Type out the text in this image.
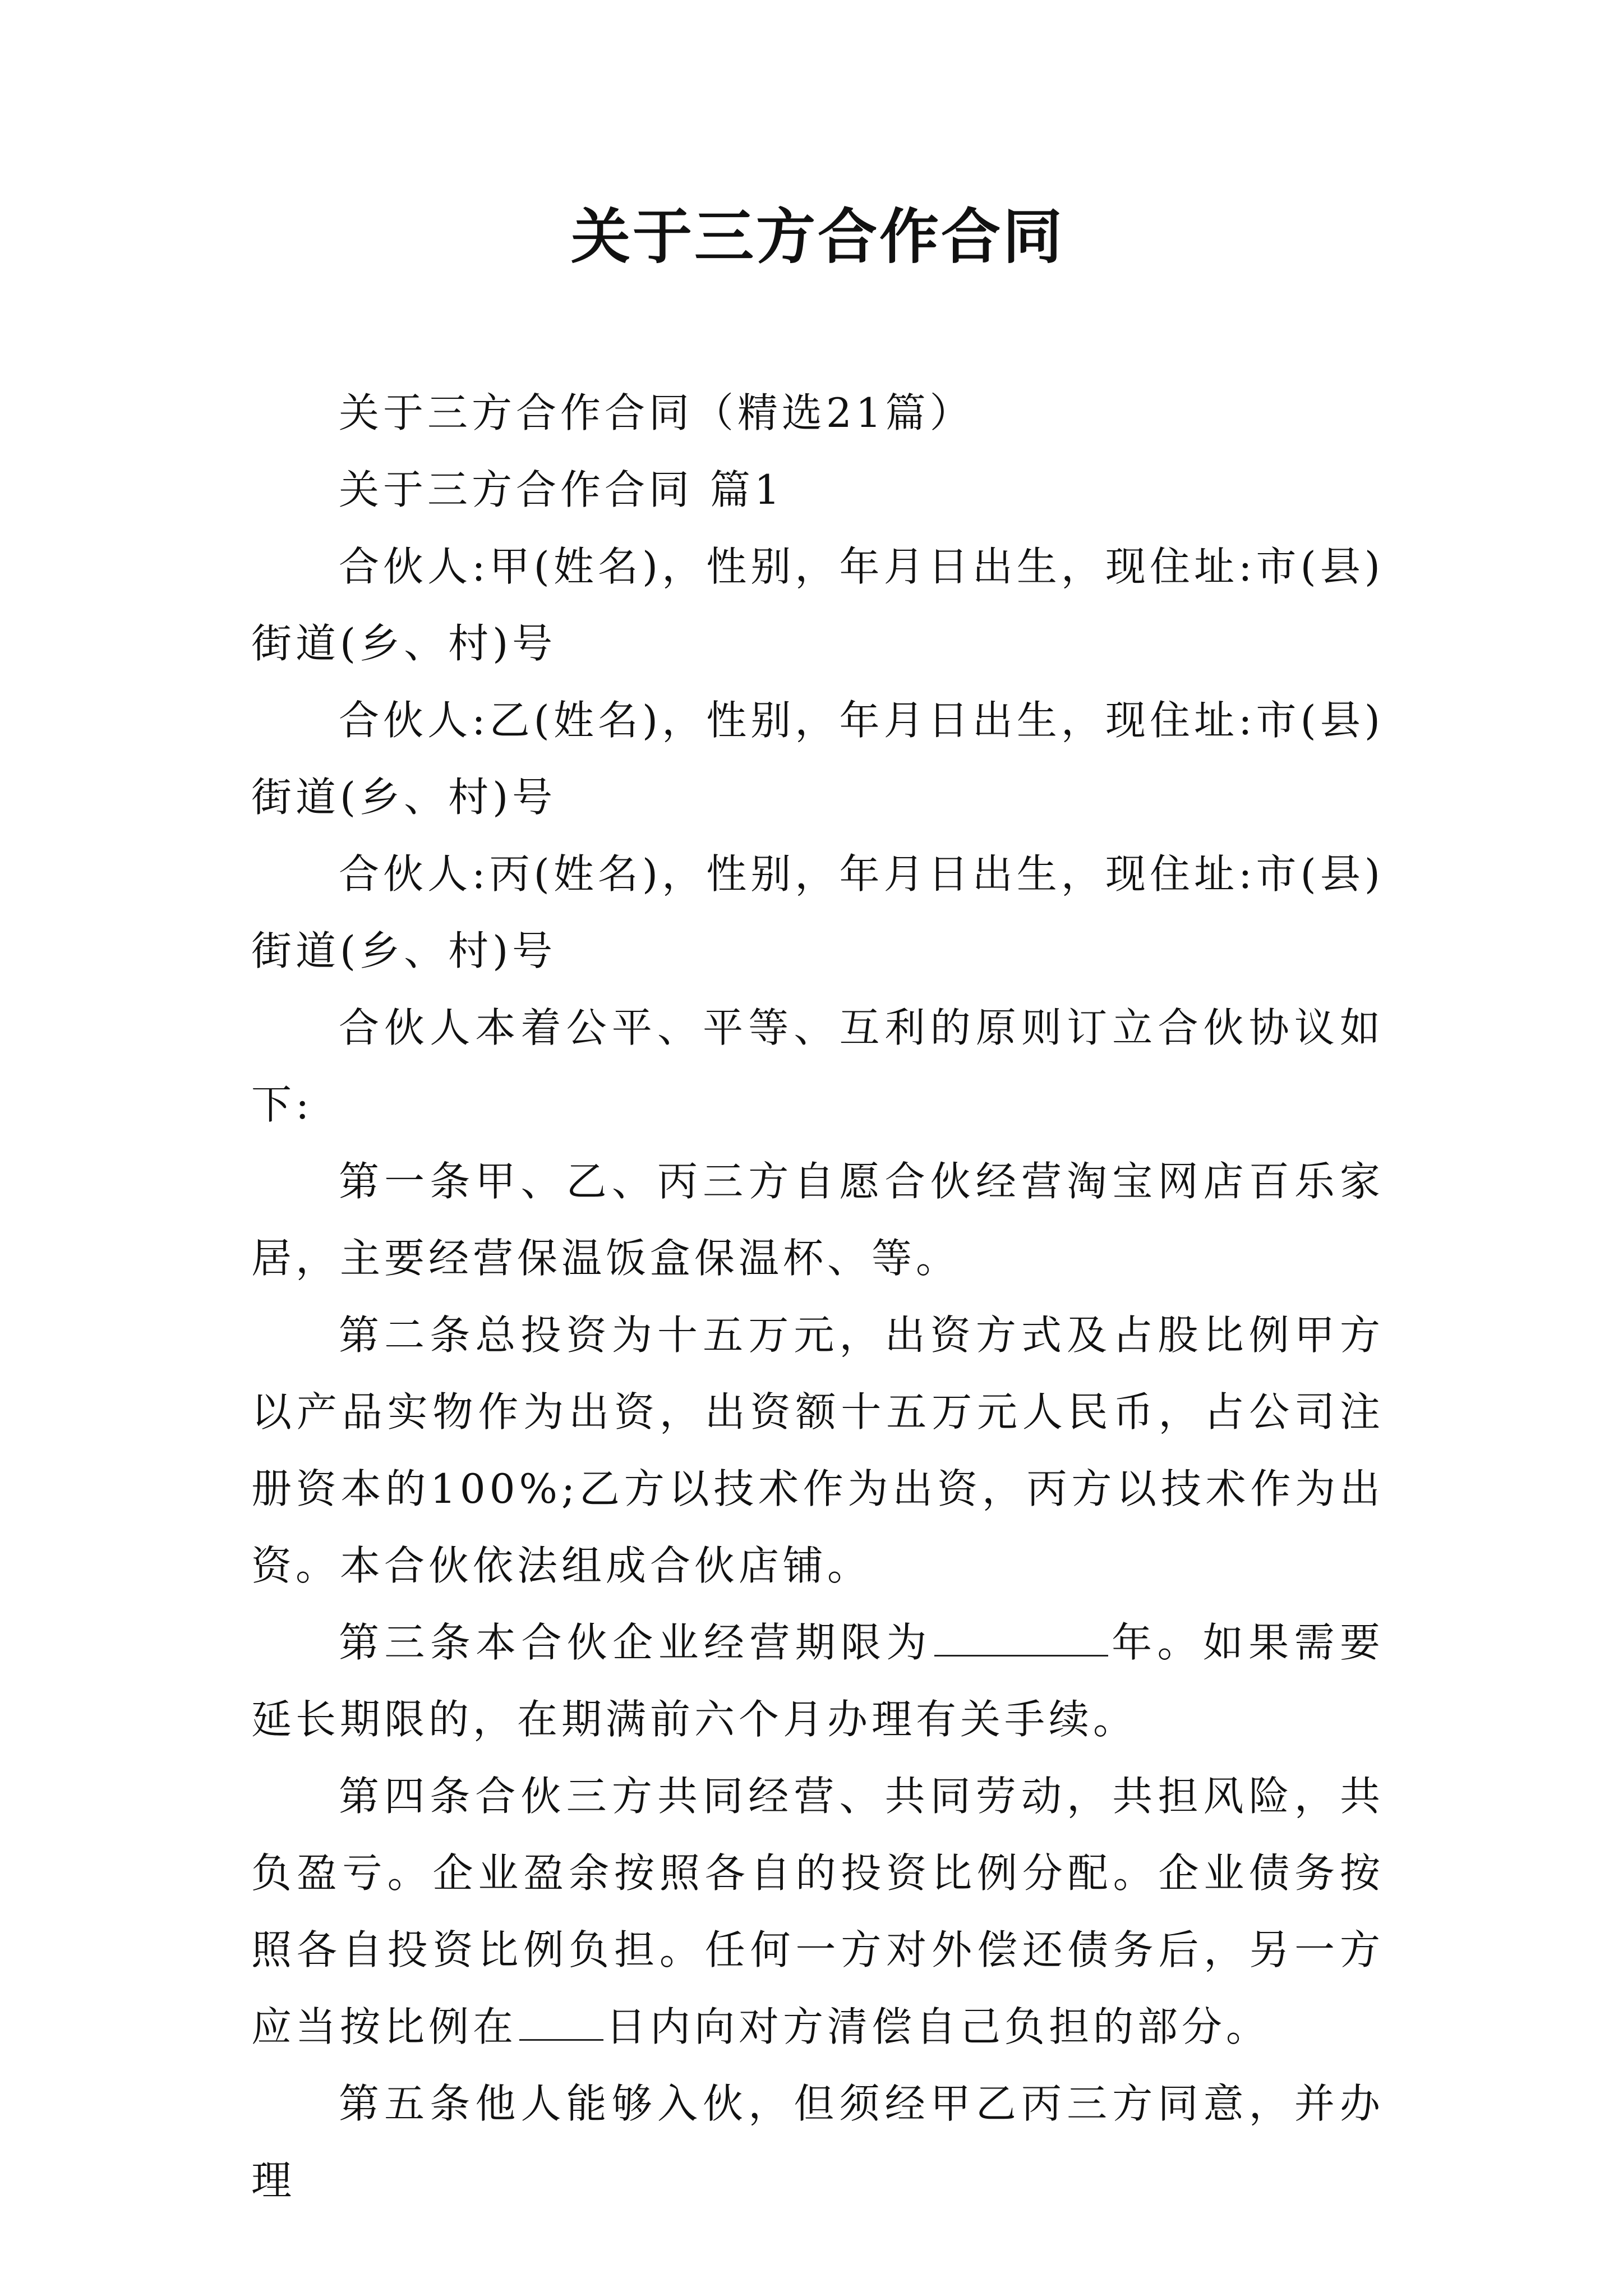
关于三方合作合同

关于三方合作合同（精选21篇）

关于三方合作合同 篇1

合伙人:甲(姓名)，性别，年月日出生，现住址:市(县)街道(乡、村)号

合伙人:乙(姓名)，性别，年月日出生，现住址:市(县)街道(乡、村)号

合伙人:丙(姓名)，性别，年月日出生，现住址:市(县)街道(乡、村)号

合伙人本着公平、平等、互利的原则订立合伙协议如下:

第一条甲、乙、丙三方自愿合伙经营淘宝网店百乐家居，主要经营保温饭盒保温杯、等。

第二条总投资为十五万元，出资方式及占股比例甲方以产品实物作为出资，出资额十五万元人民币，占公司注册资本的100%;乙方以技术作为出资，丙方以技术作为出资。本合伙依法组成合伙店铺。

第三条本合伙企业经营期限为	年。如果需要延长期限的，在期满前六个月办理有关手续。

第四条合伙三方共同经营、共同劳动，共担风险，共负盈亏。企业盈余按照各自的投资比例分配。企业债务按照各自投资比例负担。任何一方对外偿还债务后，另一方应当按比例在 日内向对方清偿自己负担的部分。

第五条他人能够入伙，但须经甲乙丙三方同意，并办理
